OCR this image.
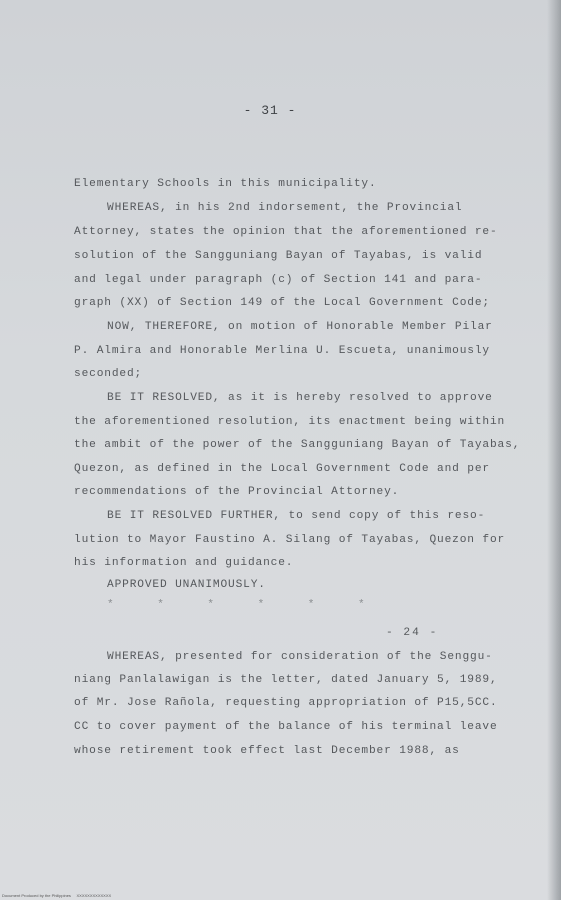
- 31 -
Elementary Schools in this municipality.
WHEREAS, in his 2nd indorsement, the Provincial
Attorney, states the opinion that the aforementioned re-
solution of the Sangguniang Bayan of Tayabas, is valid
and legal under paragraph (c) of Section 141 and para-
graph (XX) of Section 149 of the Local Government Code;
NOW, THEREFORE, on motion of Honorable Member Pilar
P. Almira and Honorable Merlina U. Escueta, unanimously
seconded;
BE IT RESOLVED, as it is hereby resolved to approve
the aforementioned resolution, its enactment being within
the ambit of the power of the Sangguniang Bayan of Tayabas,
Quezon, as defined in the Local Government Code and per
recommendations of the Provincial Attorney.
BE IT RESOLVED FURTHER, to send copy of this reso-
lution to Mayor Faustino A. Silang of Tayabas, Quezon for
his information and guidance.
APPROVED UNANIMOUSLY.
* * * * * *
- 24 -
WHEREAS, presented for consideration of the Senggu-
niang Panlalawigan is the letter, dated January 5, 1989,
of Mr. Jose Rañola, requesting appropriation of P15,5CC.
CC to cover payment of the balance of his terminal leave
whose retirement took effect last December 1988, as
Document Produced by the Philippines     XXXXXXXXXXXXX
